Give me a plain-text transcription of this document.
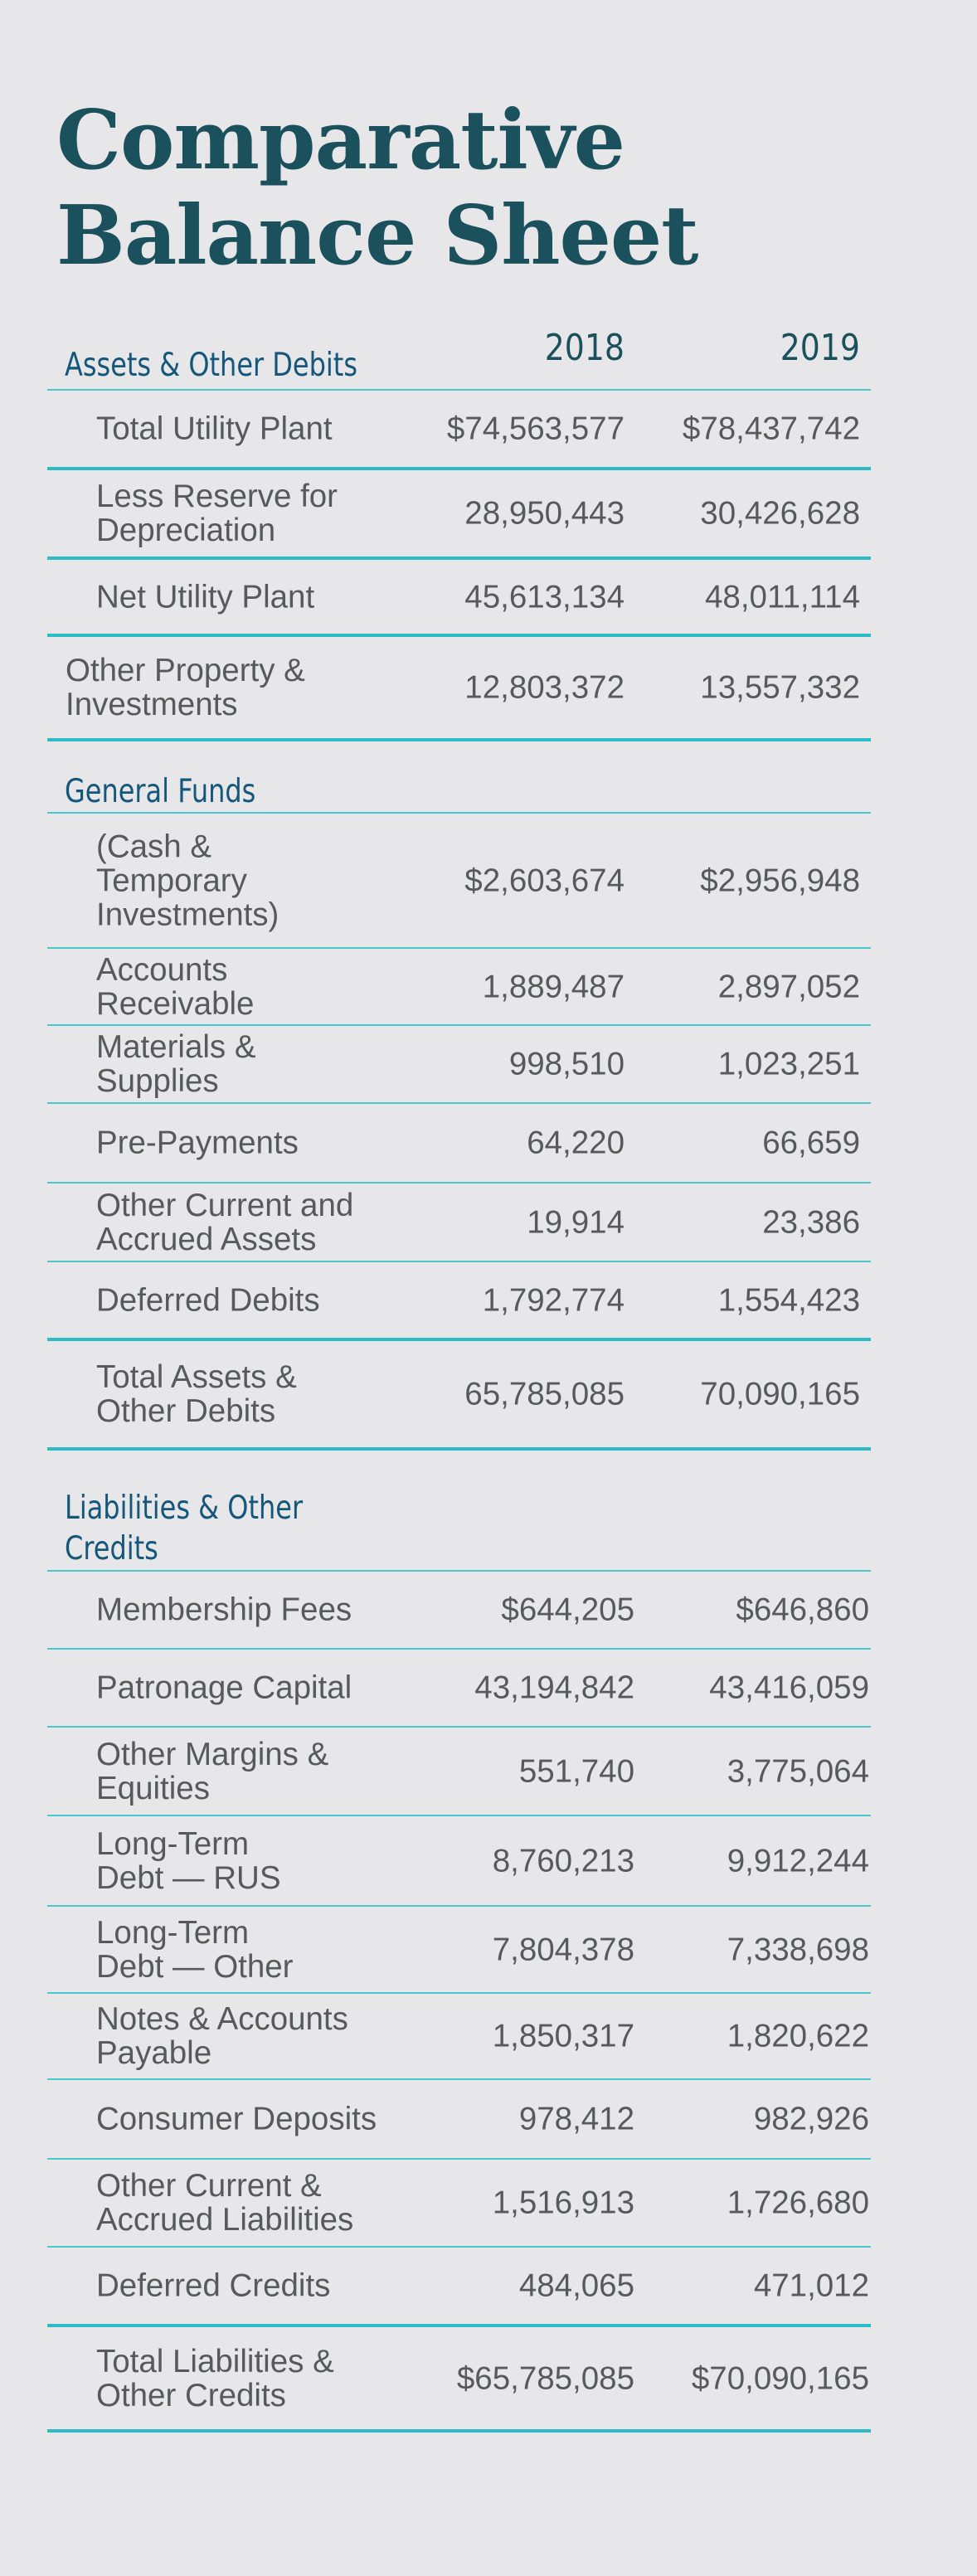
Comparative
Balance Sheet
2018	2019
Assets & Other Debits
Total Utility Plant	$74,563,577	$78,437,742
Less Reserve for
Depreciation	28,950,443	30,426,628
Net Utility Plant	45,613,134	48,011,114
Other Property &
Investments	12,803,372	13,557,332
General Funds
(Cash &
Temporary
Investments)
$2,603,674	$2,956,948
Accounts
Receivable	1,889,487	2,897,052
Materials &
Supplies	998,510	1,023,251
Pre-Payments	64,220	66,659
Other Current and
Accrued Assets	19,914	23,386
Deferred Debits	1,792,774	1,554,423
Total Assets &
Other Debits	65,785,085	70,090,165
Liabilities & Other
Credits
Membership Fees	$644,205	$646,860
Patronage Capital	43,194,842	43,416,059
Other Margins &
Equities	551,740	3,775,064
Long-Term
Debt — RUS	8,760,213	9,912,244
Long-Term
Debt — Other	7,804,378	7,338,698
Notes & Accounts
Payable	1,850,317	1,820,622
Consumer Deposits	978,412	982,926
Other Current &
Accrued Liabilities	1,516,913	1,726,680
Deferred Credits	484,065	471,012
Total Liabilities &
Other Credits	$65,785,085	$70,090,165
